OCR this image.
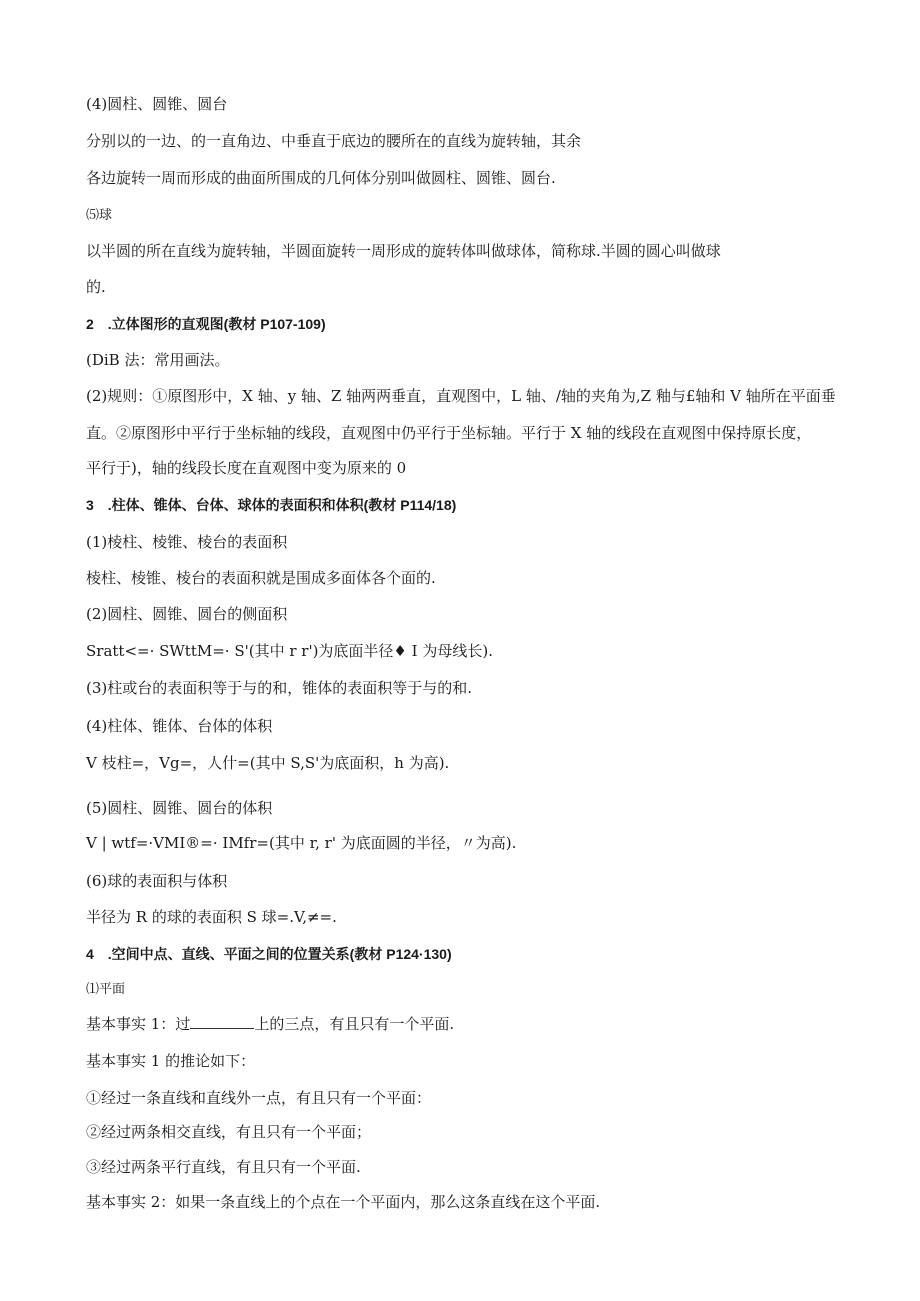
(4)圆柱、圆锥、圆台
分别以的一边、的一直角边、中垂直于底边的腰所在的直线为旋转轴，其余
各边旋转一周而形成的曲面所围成的几何体分别叫做圆柱、圆锥、圆台.
⑸球
以半圆的所在直线为旋转轴，半圆面旋转一周形成的旋转体叫做球体，简称球.半圆的圆心叫做球
的.
2　.立体图形的直观图(教材 P107-109)
(DiB 法：常用画法。
(2)规则：①原图形中，X 轴、y 轴、Z 轴两两垂直，直观图中，L 轴、/轴的夹角为,Z 釉与£轴和 V 轴所在平面垂
直。②原图形中平行于坐标轴的线段，直观图中仍平行于坐标轴。平行于 X 轴的线段在直观图中保持原长度，
平行于)，轴的线段长度在直观图中变为原来的 0
3　.柱体、锥体、台体、球体的表面积和体积(教材 P114/18)
(1)棱柱、棱锥、棱台的表面积
棱柱、棱锥、棱台的表面积就是围成多面体各个面的.
(2)圆柱、圆锥、圆台的侧面积
Sratt<=· SWttM=· S'(其中 r r')为底面半径♦ I 为母线长).
(3)柱或台的表面积等于与的和，锥体的表面积等于与的和.
(4)柱体、锥体、台体的体积
V 枝柱=，Vg=，人什=(其中 S,S'为底面积，h 为高).
(5)圆柱、圆锥、圆台的体积
V | wtf=·VMI®=· IMfr=(其中 r, r' 为底面圆的半径，〃为高).
(6)球的表面积与体积
半径为 R 的球的表面积 S 球=.V,≠=.
4　.空间中点、直线、平面之间的位置关系(教材 P124·130)
⑴平面
基本事实 1：过	上的三点，有且只有一个平面.
基本事实 1 的推论如下：
①经过一条直线和直线外一点，有且只有一个平面：
②经过两条相交直线，有且只有一个平面；
③经过两条平行直线，有且只有一个平面.
基本事实 2：如果一条直线上的个点在一个平面内，那么这条直线在这个平面.
